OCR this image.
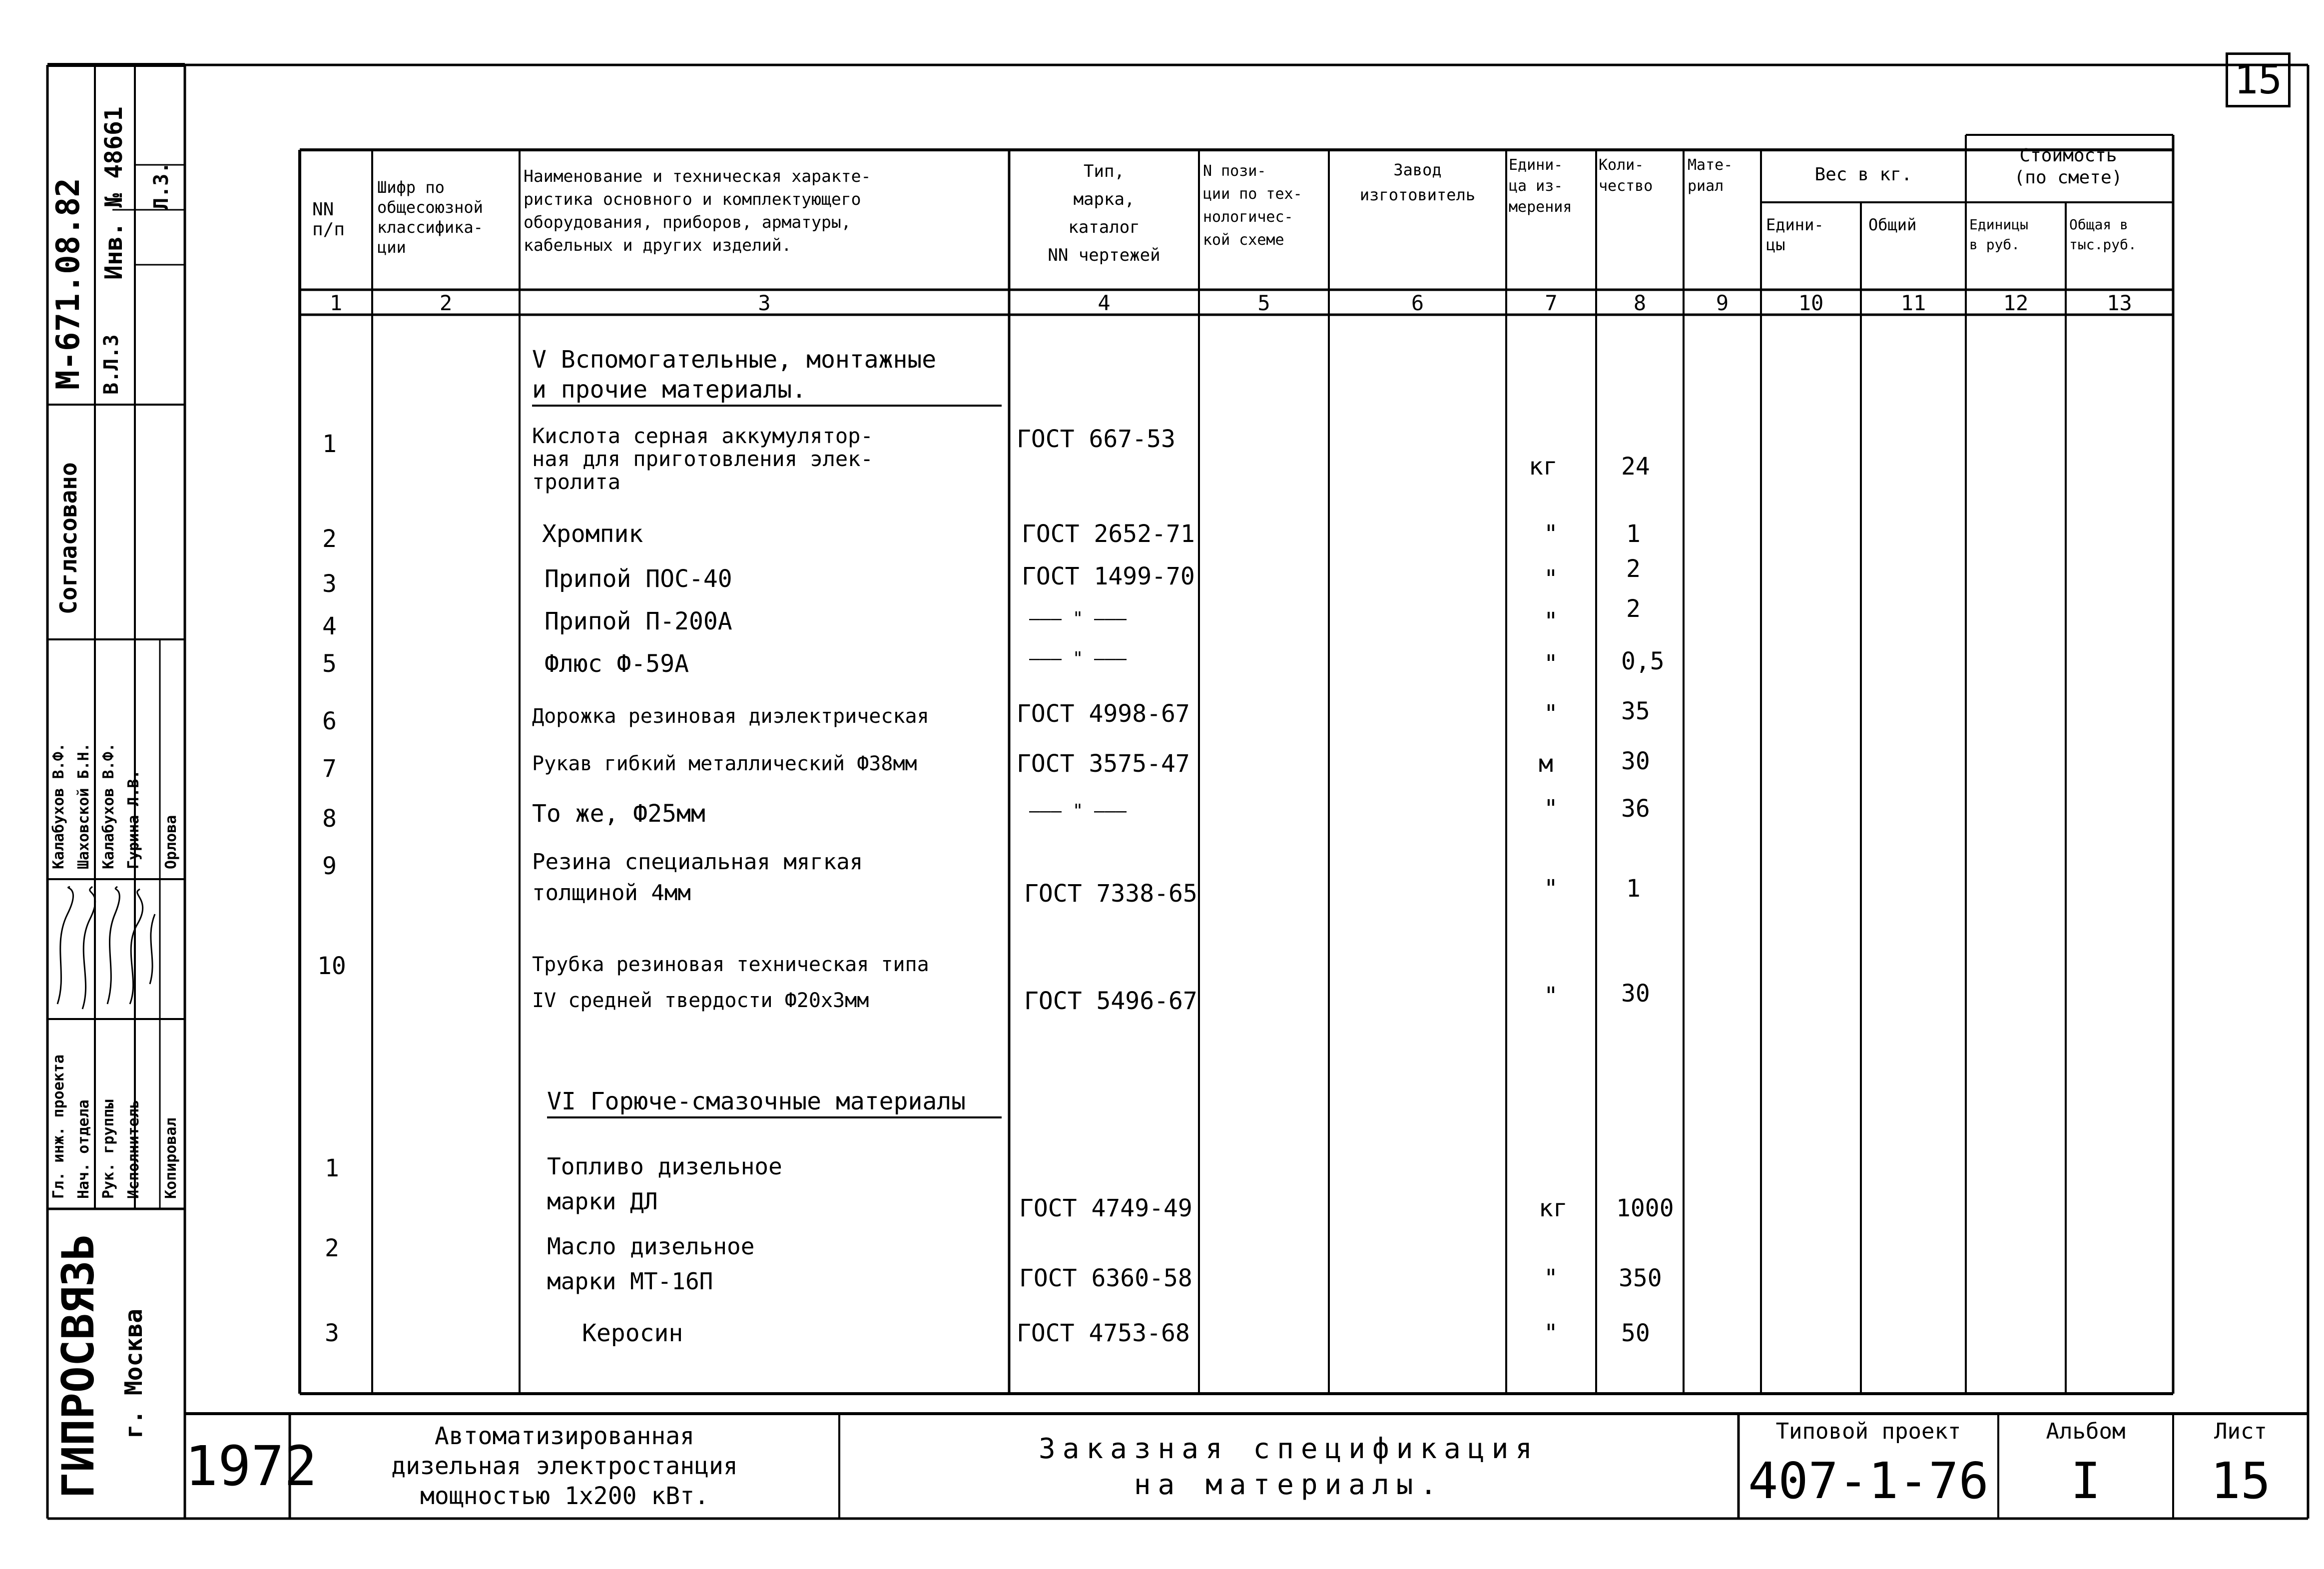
15
М-671.08.82 Инв. № 48661 Л.3.
В.Л.3
Согласовано
Гл. инж. проекта Нач. отдела Рук. группы Исполнитель Копировал
Калабухов В.Ф. Шаховской Б.Н. Калабухов В.Ф. Гурина Л.В. Орлова
ГИПРОСВЯЗЬ г. Москва
NN
п/п
Шифр по
общесоюзной
классифика-
ции
Наименование и техническая характе-
ристика основного и комплектующего
оборудования, приборов, арматуры,
кабельных и других изделий.
Тип,
марка,
каталог
NN чертежей
N пози-
ции по тех-
нологичес-
кой схеме
Завод
изготовитель
Едини-
ца из-
мерения
Коли-
чество
Мате-
риал
Вес в кг.
Едини-
цы
Общий
Стоимость
(по смете)
Единицы
в руб.
Общая в
тыс.руб.
1	2	3	4	5	6	7	8	9	10	11	12	13
V Вспомогательные, монтажные
и прочие материалы.
1	Кислота серная аккумулятор-
ная для приготовления элек-
тролита
ГОСТ 667-53
кг	24
2	Хромпик	ГОСТ 2652-71	"	1
3	Припой ПОС-40	ГОСТ 1499-70	"	2
4	Припой П-200А	——— " ———	"	2
5	Флюс Ф-59А	——— " ———	"	0,5
6	Дорожка резиновая диэлектрическая	ГОСТ 4998-67	"	35
7	Рукав гибкий металлический Ф38мм	ГОСТ 3575-47	м	30
8	То же, Ф25мм	——— " ———	"	36
9	Резина специальная мягкая
толщиной 4мм	ГОСТ 7338-65	"	1
10	Трубка резиновая техническая типа
IV средней твердости Ф20х3мм	ГОСТ 5496-67	"	30
VI Горюче-смазочные материалы
1	Топливо дизельное
марки ДЛ	ГОСТ 4749-49	кг 1000
2	Масло дизельное
марки МТ-16П	ГОСТ 6360-58	"	350
3	Керосин	ГОСТ 4753-68	"	50
1972	Автоматизированная
дизельная электростанция
мощностью 1х200 кВт.
Заказная спецификация
на материалы.
Типовой проект
407-1-76
Альбом
I
Лист
15
